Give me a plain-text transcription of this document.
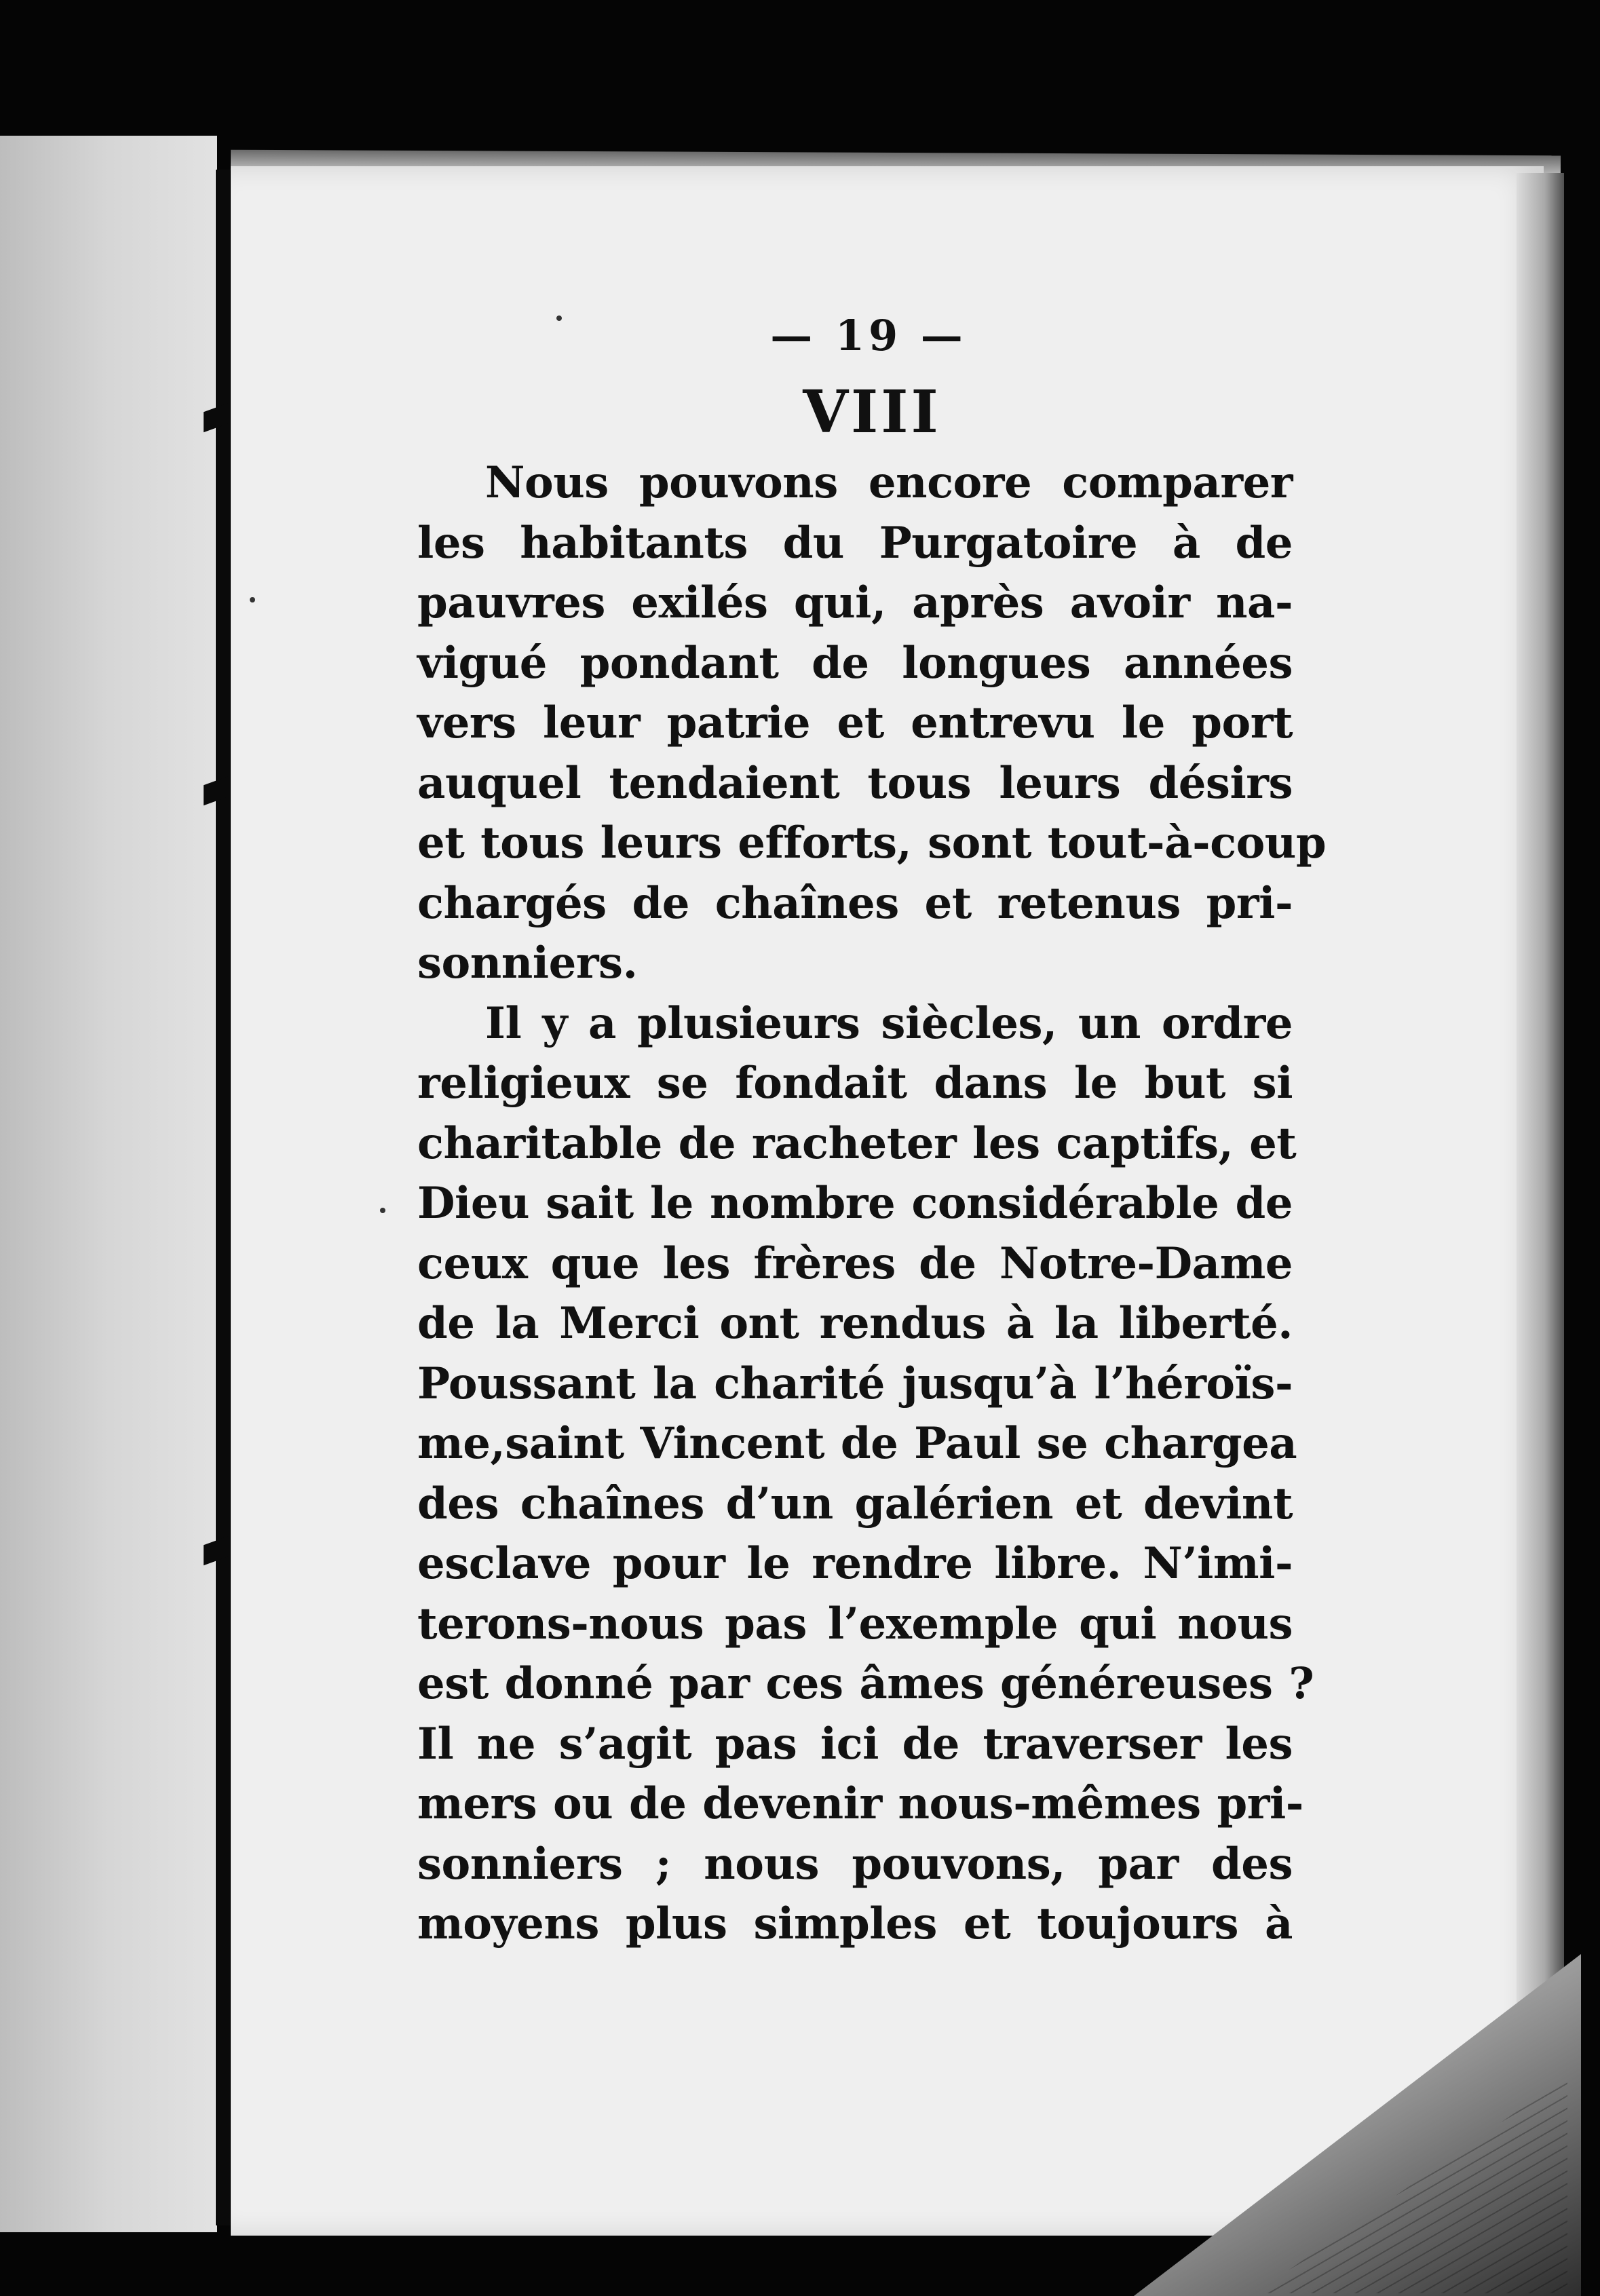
— 19 —
VIII
Nous pouvons encore comparer
les habitants du Purgatoire à de
pauvres exilés qui, après avoir na-
vigué pondant de longues années
vers leur patrie et entrevu le port
auquel tendaient tous leurs désirs
et tous leurs efforts, sont tout-à-coup
chargés de chaînes et retenus pri-
sonniers.
Il y a plusieurs siècles, un ordre
religieux se fondait dans le but si
charitable de racheter les captifs, et
Dieu sait le nombre considérable de
ceux que les frères de Notre-Dame
de la Merci ont rendus à la liberté.
Poussant la charité jusqu’à l’héroïs-
me,saint Vincent de Paul se chargea
des chaînes d’un galérien et devint
esclave pour le rendre libre. N’imi-
terons-nous pas l’exemple qui nous
est donné par ces âmes généreuses ?
Il ne s’agit pas ici de traverser les
mers ou de devenir nous-mêmes pri-
sonniers ; nous pouvons, par des
moyens plus simples et toujours à
